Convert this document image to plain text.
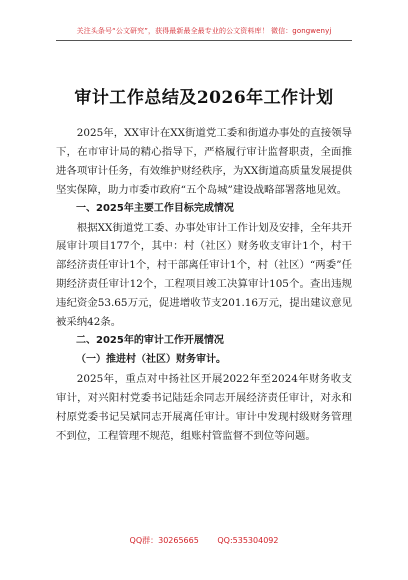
关注头条号“公文研究”，获得最新最全最专业的公文资料库！ 微信：gongwenyj
审计工作总结及2026年工作计划

2025年，XX审计在XX街道党工委和街道办事处的直接领导下，在市审计局的精心指导下，严格履行审计监督职责，全面推进各项审计任务，有效维护财经秩序，为XX街道高质量发展提供坚实保障，助力市委市政府“五个岛城”建设战略部署落地见效。

一、2025年主要工作目标完成情况

根据XX街道党工委、办事处审计工作计划及安排，全年共开展审计项目177个，其中：村（社区）财务收支审计1个，村干部经济责任审计1个，村干部离任审计1个，村（社区）“两委”任期经济责任审计12个，工程项目竣工决算审计105个。查出违规违纪资金53.65万元，促进增收节支201.16万元，提出建议意见被采纳42条。

二、2025年的审计工作开展情况

（一）推进村（社区）财务审计。

2025年，重点对中扬社区开展2022年至2024年财务收支审计，对兴阳村党委书记陆廷余同志开展经济责任审计，对永和村原党委书记吴斌同志开展离任审计。审计中发现村级财务管理不到位，工程管理不规范，组账村管监督不到位等问题。

QQ群：30265665 QQ:535304092
